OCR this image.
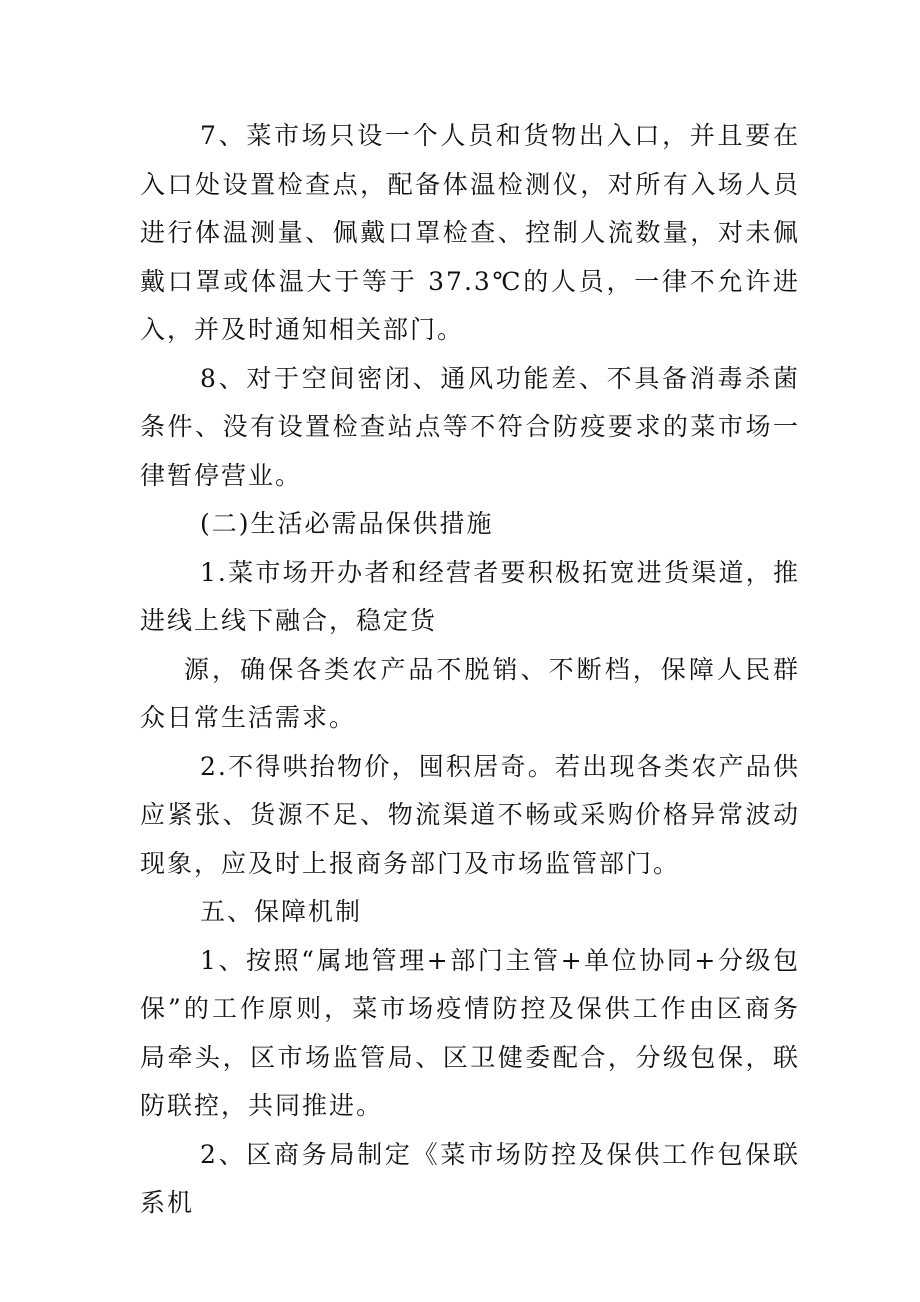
7、菜市场只设一个人员和货物出入口，并且要在入口处设置检查点，配备体温检测仪，对所有入场人员进行体温测量、佩戴口罩检查、控制人流数量，对未佩戴口罩或体温大于等于 37.3℃的人员，一律不允许进入，并及时通知相关部门。

8、对于空间密闭、通风功能差、不具备消毒杀菌条件、没有设置检查站点等不符合防疫要求的菜市场一律暂停营业。

(二)生活必需品保供措施

1.菜市场开办者和经营者要积极拓宽进货渠道，推进线上线下融合，稳定货

源，确保各类农产品不脱销、不断档，保障人民群众日常生活需求。

2.不得哄抬物价，囤积居奇。若出现各类农产品供应紧张、货源不足、物流渠道不畅或采购价格异常波动现象，应及时上报商务部门及市场监管部门。

五、保障机制

1、按照“属地管理+部门主管+单位协同+分级包保”的工作原则，菜市场疫情防控及保供工作由区商务局牵头，区市场监管局、区卫健委配合，分级包保，联防联控，共同推进。

2、区商务局制定《菜市场防控及保供工作包保联系机
